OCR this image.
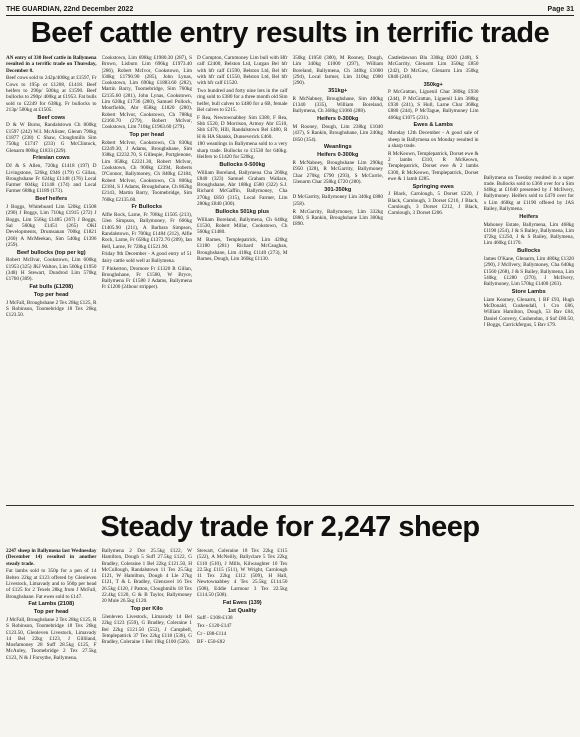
THE GUARDIAN, 22nd December 2022	Page 31
Beef cattle entry results in terrific trade

AN entry of 330 Beef cattle in Ballymena resulted in a terrific trade on Thursday, December 8.

Beef cows sold to 242p/400kg at £1597, Fr Cows to 195p or £1208, £1418. Beef heifers to 296p/ 500kg at £1590. Beef bullocks to 290p/ 400kg at £1953. Fat bulls sold to £2249 for 638kg. Fr bullocks to 213p/ 500kg at £1505.

Beef cows

D & W Burns, Randalstown Ch 800kg £1597 (242) W.I. McAlister, Glenm 790kg £1877 (238) C Shaw, Cloughmills Sim 750kg £1747 (233) G McClintock, Glenarm 800kg £1833 (229).

Friesian cows

DJ & S Allen, 720kg £1418 (197) D Livingstone, 526kg £946 (179) G Gillan, Broughshane Fr 624kg £1148 (176) Local Farmer 604kg £1148 (174) and Local Farmer 688kg £1189 (173).

Beef heifers

J Boggs, Whiteboard Lim 520kg £1508 (290) J Boggs, Lim 710kg £1915 (272) J Boggs, Lim 556kg £1485 (267) J Boggs, Sal 560kg £1451 (265) OKI Developments, Drumsanan 700kg £1821 (260) A McMeekan, Sim 540kg £1396 (259).

Beef bullocks (top per kg)

Robert McIlvar, Cookstown, Lim 600kg £1953 (325) JKJ Walton, Lim 560kg £1950 (348) H Stewart, Dundrod Lim 570kg £1760 (309).

Fat bulls (£1208)

Top per head

J McFall, Broughshane 2 Tex 28kg £125, R S Robinson, Toomebridge 18 Tex 26kg £123.50.

Cookstown, Lim 698kg £1980.30 (287), S Brown, Lisburn Lim 696kg £1973.40 (286), Robert McIvor, Cookstown, Lim 630kg £1790.90 (285), John Lynas, Cookstown, Lim 690kg £1883.60 (282), Martin Barry, Toomebridge, Sim 760kg £2135.60 (281), John Lynas, Cookstown, Lim 620kg £1736 (280), Samuel Pollock, Moorfields, Abr 658kg £1820 (280), Robert McIvor, Cookstown, Ch 788kg £2160.70 (279), Robert McIvor, Cookstown, Lim 710kg £1963.60 (279).

Top per head

Robert McIvor, Cookstown, Ch 830kg £2249.30, J Adams, Broughshane, Sim 938kg £2232.70, S Gillespie, Portglenone, Lim 858kg £2221.30, Robert McIvor, Cookstown, Ch 900kg £2394, Roberts O'Connor, Ballymoney, Ch 840kg £2184, Robert McIvor, Cookstown, Ch 806kg £2184, S J Adams, Broughshane, Ch 862kg £2143, Martin Barry, Toomebridge, Sim 760kg £2135.60.

Fr Bullocks

Alfie Rock, Larne, Fr 708kg £1505 (213), Glen Simpson, Ballymoney, Fr 666kg £1405.90 (211), A Barbara Simpson, Randalstown, Fr 700kg £1484 (212), Alfie Rock, Larne, Fr 658kg £1372.70 (209), Ian Bell, Larne, Fr 728kg £1521.90.

Friday 9th December - A good entry of 51 dairy cattle sold well at Ballymena.

T Pinkerton, Dromore Fr £1320 R Gillan, Broughshane, Fr £1580, W Bryce, Ballymena Fr £1580 J Adams, Ballymena Fr £1200 (24hour stripper).

D Compton, Carnmoney Lim bull with Hfr calf £2400, Belston Ltd, Lurgan Bel hfr with hfr calf £1590, Belston Ltd, Bel hfr with hfr calf £1550, Belston Ltd, Bel hfr with hfr calf £1520.

Two hundred and forty nine lots in the calf ring sold to £380 for a three month old Sim heifer, bull calves to £480 for a 6B, female Bel calves to £215.

F Rea, Newtownabbey Sim £380, F Rea, Shb £520, D Morrison, Armoy Abr £510, Shb £470, Hill, Randalstown Bel £480, R H & HA Shanks, Dunseverick £460.

180 weanlings in Ballymena sold to a very sharp trade. Bullocks to £1530 for 640kg. Heifers to £1420 for 520kg.

Bullocks 0-500kg

William Boreland, Ballymena Cha 260kg £840 (323) Samuel Graham Wallace, Broughshane, Abr 188kg £580 (322) S.J. Richard McGaffin, Ballymoney, Cha 270kg £850 (315), Local Farmer, Lim 280kg £840 (300).

Bullocks 501kg plus

William Boreland, Ballymena, Ch 640kg £1530, Robert Millar, Cookstown, Ch 560kg £1480.

M Barnes, Templepatrick, Lim 420kg £1180 (281) Richard McCaughan, Broughshane, Lim 418kg £1140 (273), M Barnes, Dough, Lim 360kg £1130.

350kg £1050 (300), M Rooney, Dough, Lim 340kg £1000 (297), William Boreland, Ballymena, Ch 340kg £1000 (294), Local farmer, Lim 310kg £900 (290).

351kg+

R McNabney, Broughshane, Sim 400kg £1340 (335), William Boreland, Ballymena, Ch 368kg £1060 (288).

Heifers 0-300kg

M Rooney, Dough, Lim 238kg £1040 (437), S Rankin, Broughshane, Lim 240kg £850 (354).

Weanlings

Heifers 0-300kg

R McNabney, Broughshane Lim 290kg £950 (328), R McGarrity, Ballymoney Char 270kg £790 (293), S McCurrie, Glenarm Char 258kg £720 (280).

301-350kg

D McGarrity, Ballymoney Lim 340kg £880 (258).

R McGarrity, Ballymoney, Lim 332kg £880, S Rankin, Broughshane Lim 300kg £890.

Castledawson Blu 330kg £820 (248), S McGarrity, Glenarm Lim 350kg £850 (242), D McGaw, Glenarm Lim 350kg £840 (240).

350kg+

P McGrattan, Liguenil Char 380kg £930 (244), P McGrattan, Liguenil Lim 388kg £930 (241), S Hull, Larne Char 368kg £880 (244), P McTague, Ballymoney Lim 466kg £1075 (231).

Ewes & Lambs

Monday 12th December - A good sale of sheep in Ballymena on Monday resulted in a sharp trade.

R McKeown, Templepatrick, Dorset ewe & 2 lambs £310, R McKeown, Templepatrick, Dorset ewe & 2 lambs £300, R McKeown, Templepatrick, Dorset ewe & 1 lamb £285.

Springing ewes

J Black, Carnlough, 5 Dorset £220, J Black, Carnlough, 3 Dorset £216, J Black, Carnlough, 3 Dorset £212, J Black, Carnlough, 3 Dorset £206.

Ballymena on Tuesday resulted in a super trade. Bullocks sold to £360 over for a Sim 640kg at £1640 presented by J McIlvery, Ballymoney. Heifers sold to £470 over for a Lim 468kg at £1190 offered by JAS Bailey, Ballymena.

Heifers

Mahoney Estate, Ballymena, Lim 468kg £1190 (254), J & S Bailey, Ballymena, Lim 472kg £1250, J & S Bailey, Ballymena, Lim 460kg £1170.

Bullocks

James O'Kane, Glenarm, Lim 480kg £1320 (290), J McIlvery, Ballymoney, Cha 640kg £1560 (268), J & S Bailey, Ballymena, Lim 540kg £1280 (270), J McIlvery, Ballymoney, Lim 570kg £1400 (263).

Store Lambs

Liam Kearney, Glenarm, 1 BF £93, Hugh McDonald, Cushendall, 1 Cro £86, William Hamilton, Dough, 53 Bav £84, Daniel Convery, Cushendun, 4 Suf £80.50, J Boggs, Carrickfergus, 5 Bav £79.

Steady trade for 2,247 sheep

2247 sheep in Ballymena last Wednesday (December 14) resulted in another steady trade.

Fat lambs sold to 350p for a pen of 14 Beltex 22kg at £123 offered by Glenleven Livestock, Limavady and to 560p per head of £125 for 2 Texels 28kg from J McFall, Broughshane. Fat ewes sold to £147.

Fat Lambs (2108)

Top per head

J McFall, Broughshane 2 Tex 28kg £125, R S Robinson, Toomebridge 18 Tex 26kg £123.50, Glenleven Livestock, Limavady 14 Bel 22kg £123, J Gilliland, Mosfamoney 28 Suff 28.5kg £125, F McAuley, Toomebridge 2 Tex 27.5kg £123, N & J Forsythe, Ballymena.

Ballymena 2 Dor 25.5kg £122, W Hamilton, Dough 5 Suff 27.5kg £122, G Bradley, Coleraine 1 Bel 22kg £121.50, H McCullough, Randalstown 11 Tex 25.5kg £121, W Hamilton, Dough 4 Lle 27kg £121, T & L Bradley, Glenravel 16 Tex 26.5kg £120, J Patton, Cloughmills 18 Tex 22.4kg £120, G & B Taylor, Ballymoney 20 Mule 26.5kg £120.

Top per Kilo

Glenleven Livestock, Limavady 14 Bel 22kg £123 (559), G Bradley, Coleraine 1 Bel 22kg £121.50 (552), J Campbell, Templepatrick 37 Tex 22kg £118 (536), G Bradley, Coleraine 1 Bel 19kg £100 (526).

Stewart, Coleraine 18 Tex 22kg £115 (522), A McNeilly, Ballyclare 5 Tex 22kg £110 (510), J Mills, Kilwaughter 10 Tex 22.5kg £115 (511), W Wright, Carnlough 11 Tex 22kg £112 (509), H Hall, Newtownabbey 4 Tex 25.5kg £114.50 (508), Eddie Larmour 3 Tex 22.5kg £114.50 (508).

Fat Ewes (139)

1st Quality

Suff - £108-£138

Tex - £120-£147

Cr - £88-£114

BF - £50-£82
